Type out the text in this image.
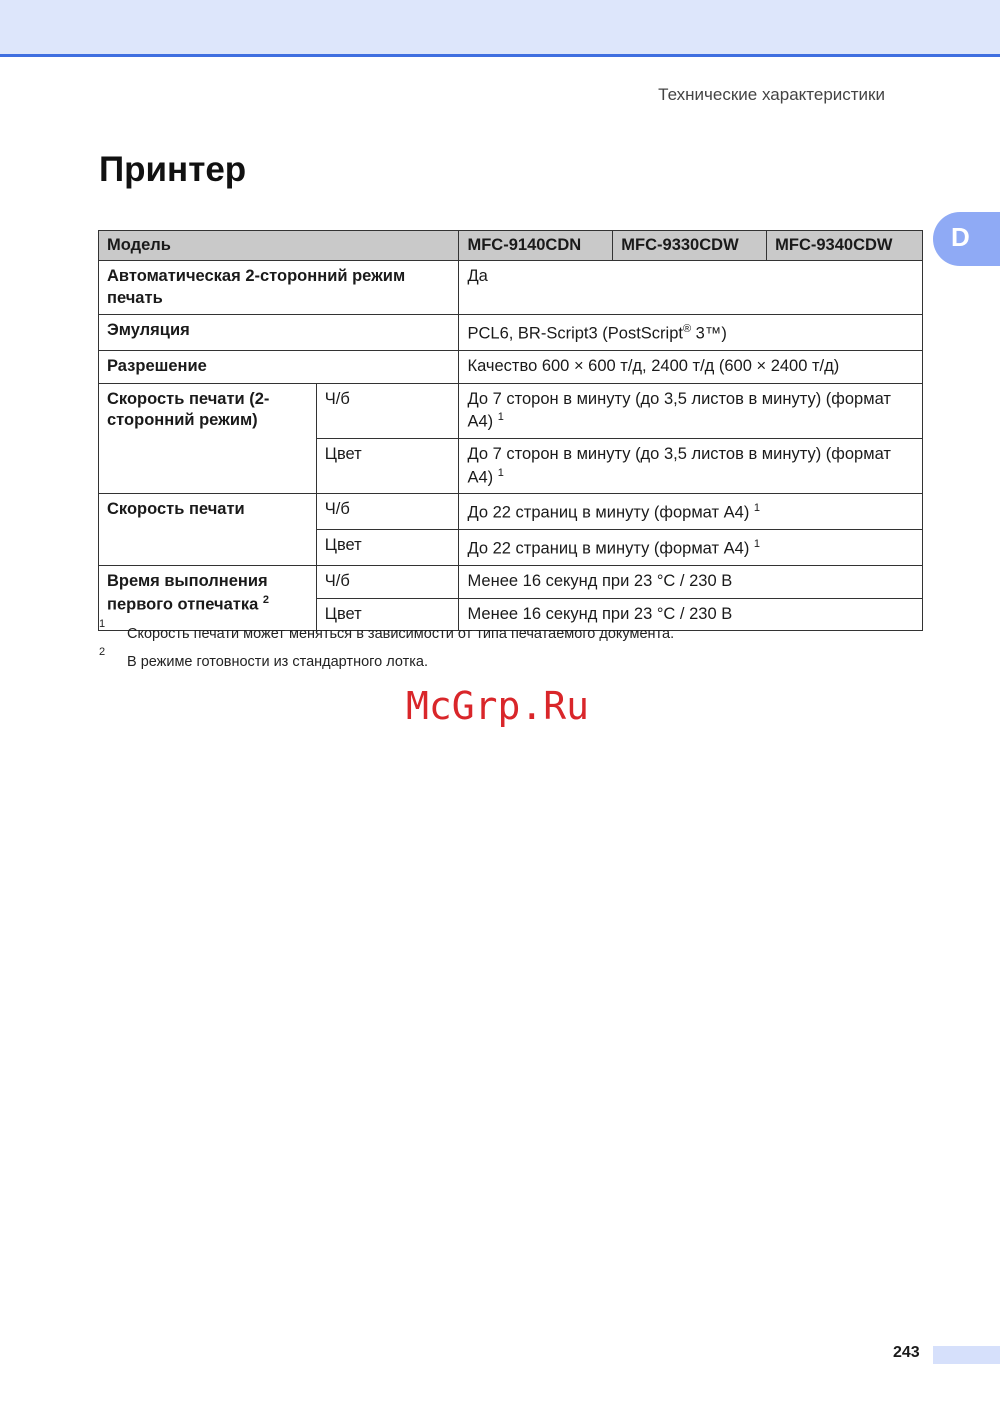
Технические характеристики
Принтер
D
Модель		MFC-9140CDN	MFC-9330CDW	MFC-9340CDW
Автоматическая 2-сторонний режим печать		Да		
Эмуляция		PCL6, BR-Script3 (PostScript® 3™)		
Разрешение		Качество 600 × 600 т/д, 2400 т/д (600 × 2400 т/д)		
Скорость печати (2-сторонний режим)	Ч/б	До 7 сторон в минуту (до 3,5 листов в минуту) (формат А4) $^1$
	Цвет	До 7 сторон в минуту (до 3,5 листов в минуту) (формат А4) $^1$
Скорость печати	Ч/б	До 22 страниц в минуту (формат А4) $^1$
	Цвет	До 22 страниц в минуту (формат А4) $^1$
Время выполнения первого отпечатка $^2$	Ч/б	Менее 16 секунд при 23 °C / 230 В		
	Цвет	Менее 16 секунд при 23 °C / 230 В		
1
Скорость печати может меняться в зависимости от типа печатаемого документа.
2
В режиме готовности из стандартного лотка.
McGrp.Ru
243
